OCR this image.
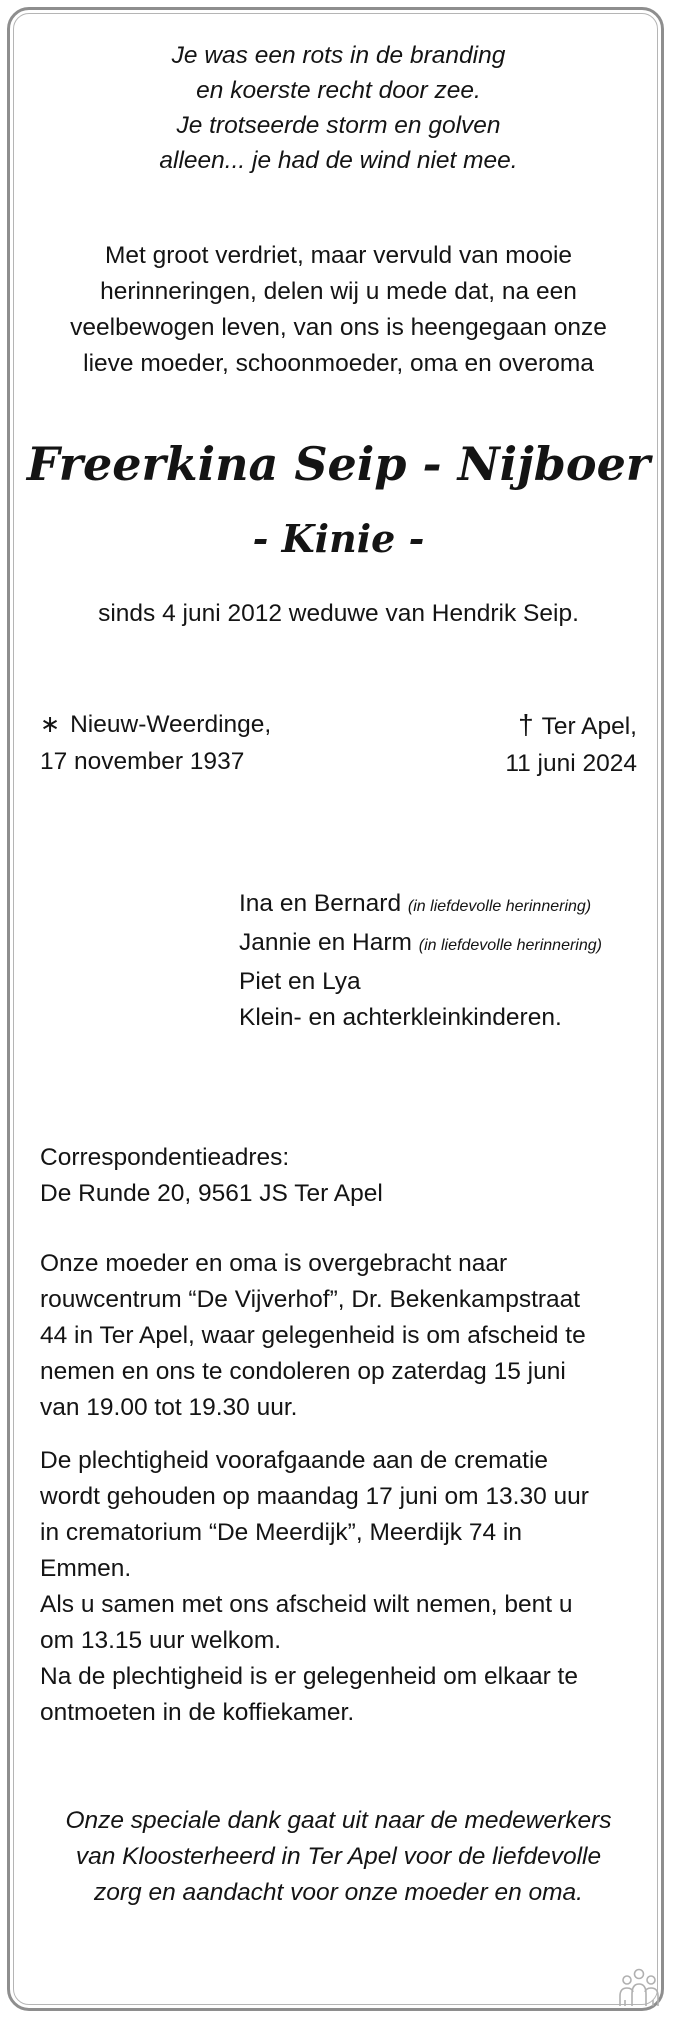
Je was een rots in de branding
en koerste recht door zee.
Je trotseerde storm en golven
alleen... je had de wind niet mee.
Met groot verdriet, maar vervuld van mooie
herinneringen, delen wij u mede dat, na een
veelbewogen leven, van ons is heengegaan onze
lieve moeder, schoonmoeder, oma en overoma
Freerkina Seip - Nijboer
- Kinie -
sinds 4 juni 2012 weduwe van Hendrik Seip.
∗ Nieuw-Weerdinge,
17 november 1937
† Ter Apel,
11 juni 2024
Ina en Bernard (in liefdevolle herinnering)
Jannie en Harm (in liefdevolle herinnering)
Piet en Lya
Klein- en achterkleinkinderen.
Correspondentieadres:
De Runde 20, 9561 JS Ter Apel
Onze moeder en oma is overgebracht naar
rouwcentrum “De Vijverhof”, Dr. Bekenkampstraat
44 in Ter Apel, waar gelegenheid is om afscheid te
nemen en ons te condoleren op zaterdag 15 juni
van 19.00 tot 19.30 uur.
De plechtigheid voorafgaande aan de crematie
wordt gehouden op maandag 17 juni om 13.30 uur
in crematorium “De Meerdijk”, Meerdijk 74 in
Emmen.
Als u samen met ons afscheid wilt nemen, bent u
om 13.15 uur welkom.
Na de plechtigheid is er gelegenheid om elkaar te
ontmoeten in de koffiekamer.
Onze speciale dank gaat uit naar de medewerkers
van Kloosterheerd in Ter Apel voor de liefdevolle
zorg en aandacht voor onze moeder en oma.
